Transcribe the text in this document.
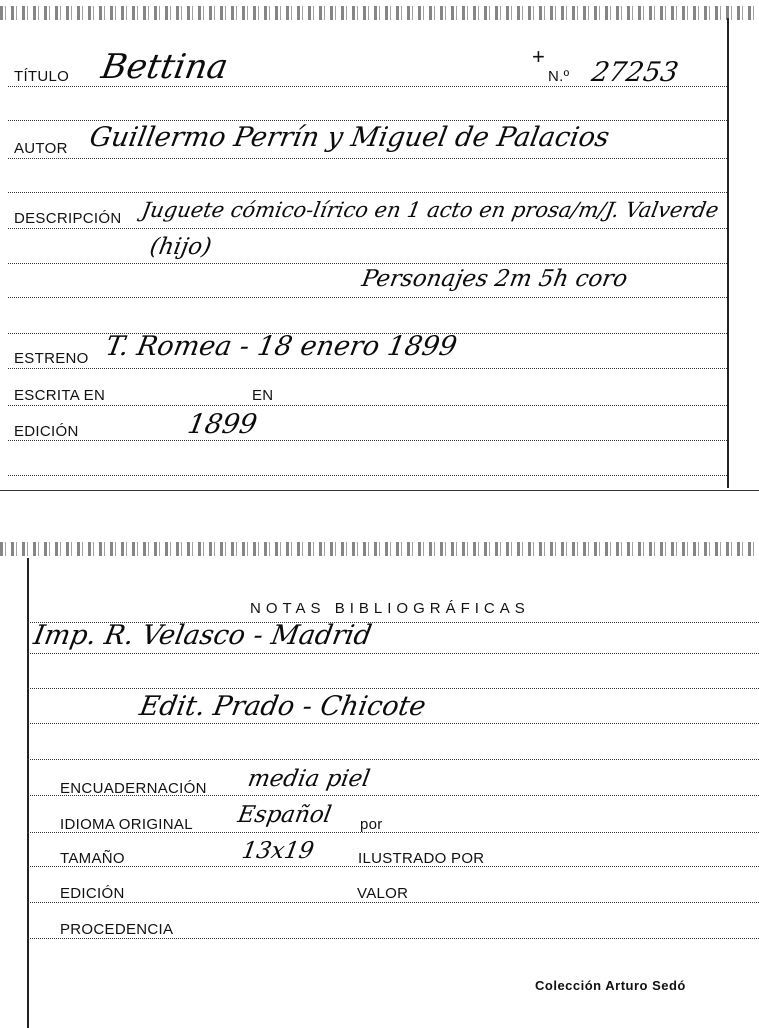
TÍTULO Bettina	+
N.º 27253
AUTOR Guillermo Perrín y Miguel de Palacios
DESCRIPCIÓN Juguete cómico-lírico en 1 acto en prosa/m/J. Valverde
(hijo)
Personajes 2m 5h coro
ESTRENO T. Romea - 18 enero 1899
ESCRITA EN	EN
EDICIÓN	1899
NOTAS BIBLIOGRÁFICAS
Imp. R. Velasco - Madrid
Edit. Prado - Chicote
ENCUADERNACIÓN media piel
IDIOMA ORIGINAL Español por
TAMAÑO	13x19	ILUSTRADO POR
EDICIÓN	VALOR
PROCEDENCIA
Colección Arturo Sedó
